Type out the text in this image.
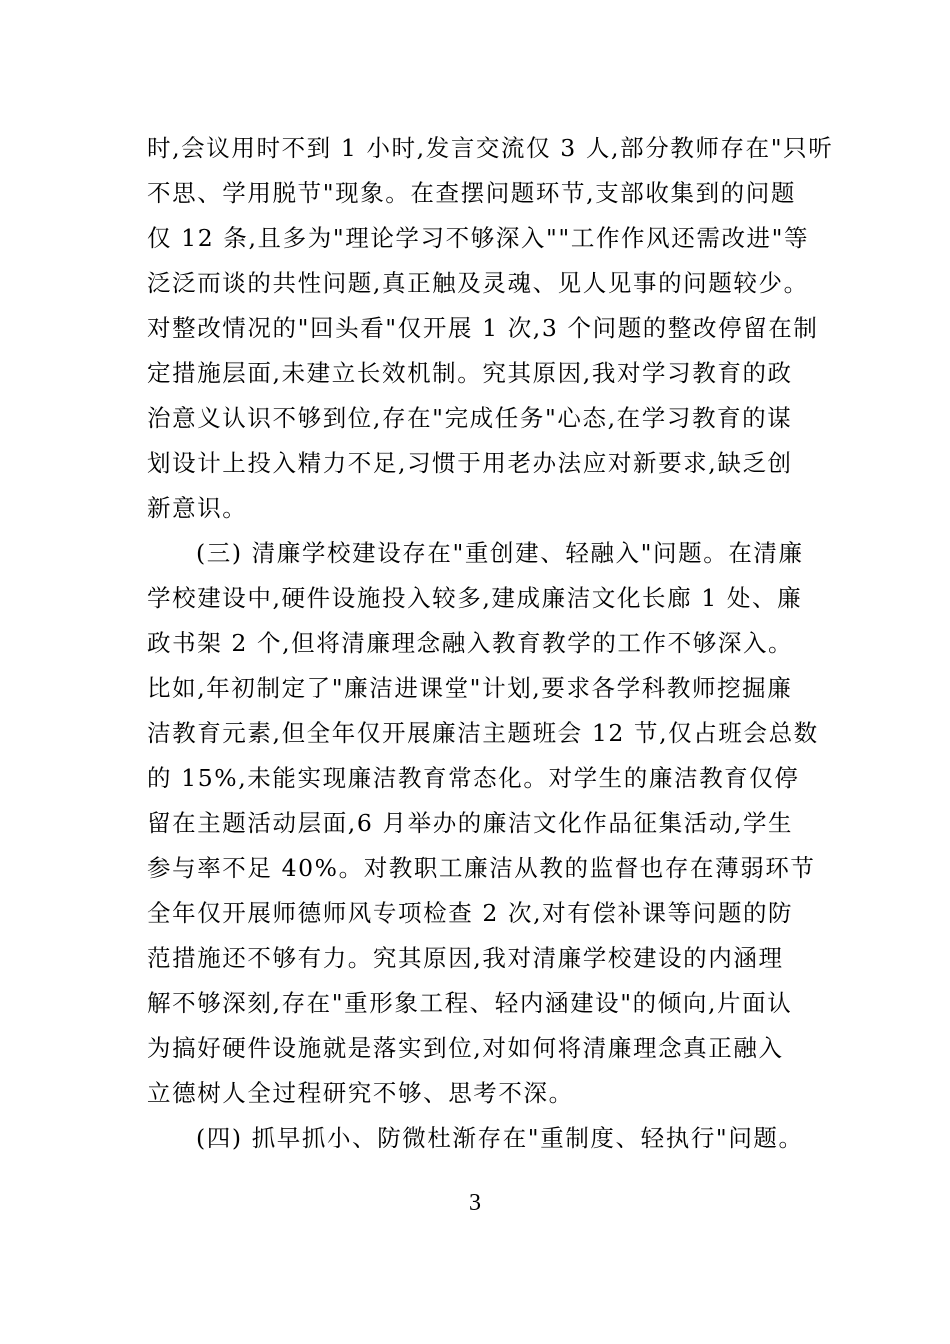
时,会议用时不到 1 小时,发言交流仅 3 人,部分教师存在"只听
不思、学用脱节"现象。在查摆问题环节,支部收集到的问题
仅 12 条,且多为"理论学习不够深入""工作作风还需改进"等
泛泛而谈的共性问题,真正触及灵魂、见人见事的问题较少。
对整改情况的"回头看"仅开展 1 次,3 个问题的整改停留在制
定措施层面,未建立长效机制。究其原因,我对学习教育的政
治意义认识不够到位,存在"完成任务"心态,在学习教育的谋
划设计上投入精力不足,习惯于用老办法应对新要求,缺乏创
新意识。
(三) 清廉学校建设存在"重创建、轻融入"问题。在清廉
学校建设中,硬件设施投入较多,建成廉洁文化长廊 1 处、廉
政书架 2 个,但将清廉理念融入教育教学的工作不够深入。
比如,年初制定了"廉洁进课堂"计划,要求各学科教师挖掘廉
洁教育元素,但全年仅开展廉洁主题班会 12 节,仅占班会总数
的 15%,未能实现廉洁教育常态化。对学生的廉洁教育仅停
留在主题活动层面,6 月举办的廉洁文化作品征集活动,学生
参与率不足 40%。对教职工廉洁从教的监督也存在薄弱环节
全年仅开展师德师风专项检查 2 次,对有偿补课等问题的防
范措施还不够有力。究其原因,我对清廉学校建设的内涵理
解不够深刻,存在"重形象工程、轻内涵建设"的倾向,片面认
为搞好硬件设施就是落实到位,对如何将清廉理念真正融入
立德树人全过程研究不够、思考不深。
(四) 抓早抓小、防微杜渐存在"重制度、轻执行"问题。
3
